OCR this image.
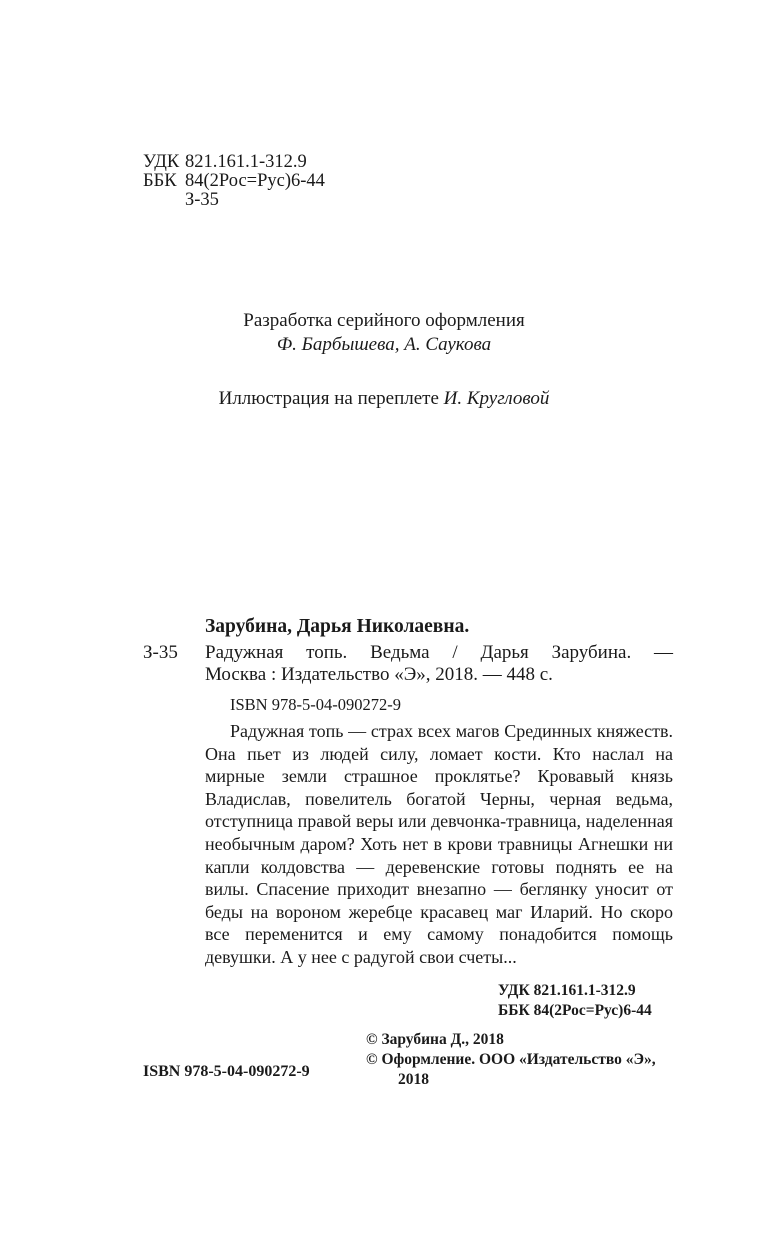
УДК 821.161.1-312.9
ББК 84(2Рос=Рус)6-44
З-35
Разработка серийного оформления
Ф. Барбышева, А. Саукова
Иллюстрация на переплете И. Кругловой
Зарубина, Дарья Николаевна.
З-35 Радужная топь. Ведьма / Дарья Зарубина. —
Москва : Издательство «Э», 2018. — 448 с.
ISBN 978-5-04-090272-9
Радужная топь — страх всех магов Срединных княжеств. Она пьет из людей силу, ломает кости. Кто наслал на мирные земли страшное проклятье? Кровавый князь Владислав, повелитель богатой Черны, черная ведьма, отступница правой веры или девчонка-травница, наделенная необычным даром? Хоть нет в крови травницы Агнешки ни капли колдовства — деревенские готовы поднять ее на вилы. Спасение приходит внезапно — беглянку уносит от беды на вороном жеребце красавец маг Иларий. Но скоро все переменится и ему самому понадобится помощь девушки. А у нее с радугой свои счеты...
УДК 821.161.1-312.9
ББК 84(2Рос=Рус)6-44
© Зарубина Д., 2018
© Оформление. ООО «Издательство «Э»,
2018
ISBN 978-5-04-090272-9
